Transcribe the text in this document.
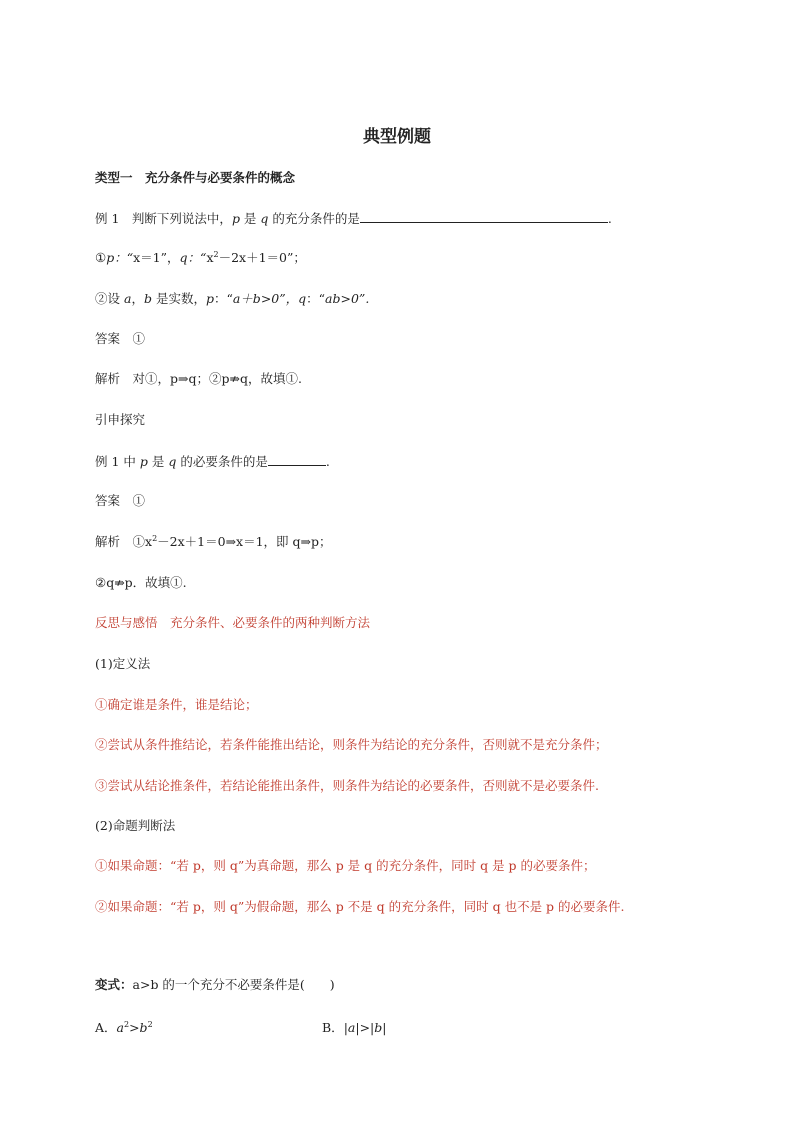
典型例题
类型一　充分条件与必要条件的概念
例 1　判断下列说法中，p 是 q 的充分条件的是	.
①p：“x＝1”，q：“$x^2-2x+1=0$”；
②设 a，b 是实数，p：“a＋b>0”，q：“ab>0”.
答案　①
解析　对①，p⇒q；②p⇏q，故填①.
引申探究
例 1 中 p 是 q 的必要条件的是	.
答案　①
解析　$①x^2-2x+1=0\Rightarrow x=1$，即 q⇒p；
②q⇏p．故填①.
反思与感悟　充分条件、必要条件的两种判断方法
(1)定义法
①确定谁是条件，谁是结论；
②尝试从条件推结论，若条件能推出结论，则条件为结论的充分条件，否则就不是充分条件；
③尝试从结论推条件，若结论能推出条件，则条件为结论的必要条件，否则就不是必要条件.
(2)命题判断法
①如果命题：“若 p，则 q”为真命题，那么 p 是 q 的充分条件，同时 q 是 p 的必要条件；
②如果命题：“若 p，则 q”为假命题，那么 p 不是 q 的充分条件，同时 q 也不是 p 的必要条件.
变式：a>b 的一个充分不必要条件是(　　)
A．$a^2>b^2$	B．|a|>|b|
